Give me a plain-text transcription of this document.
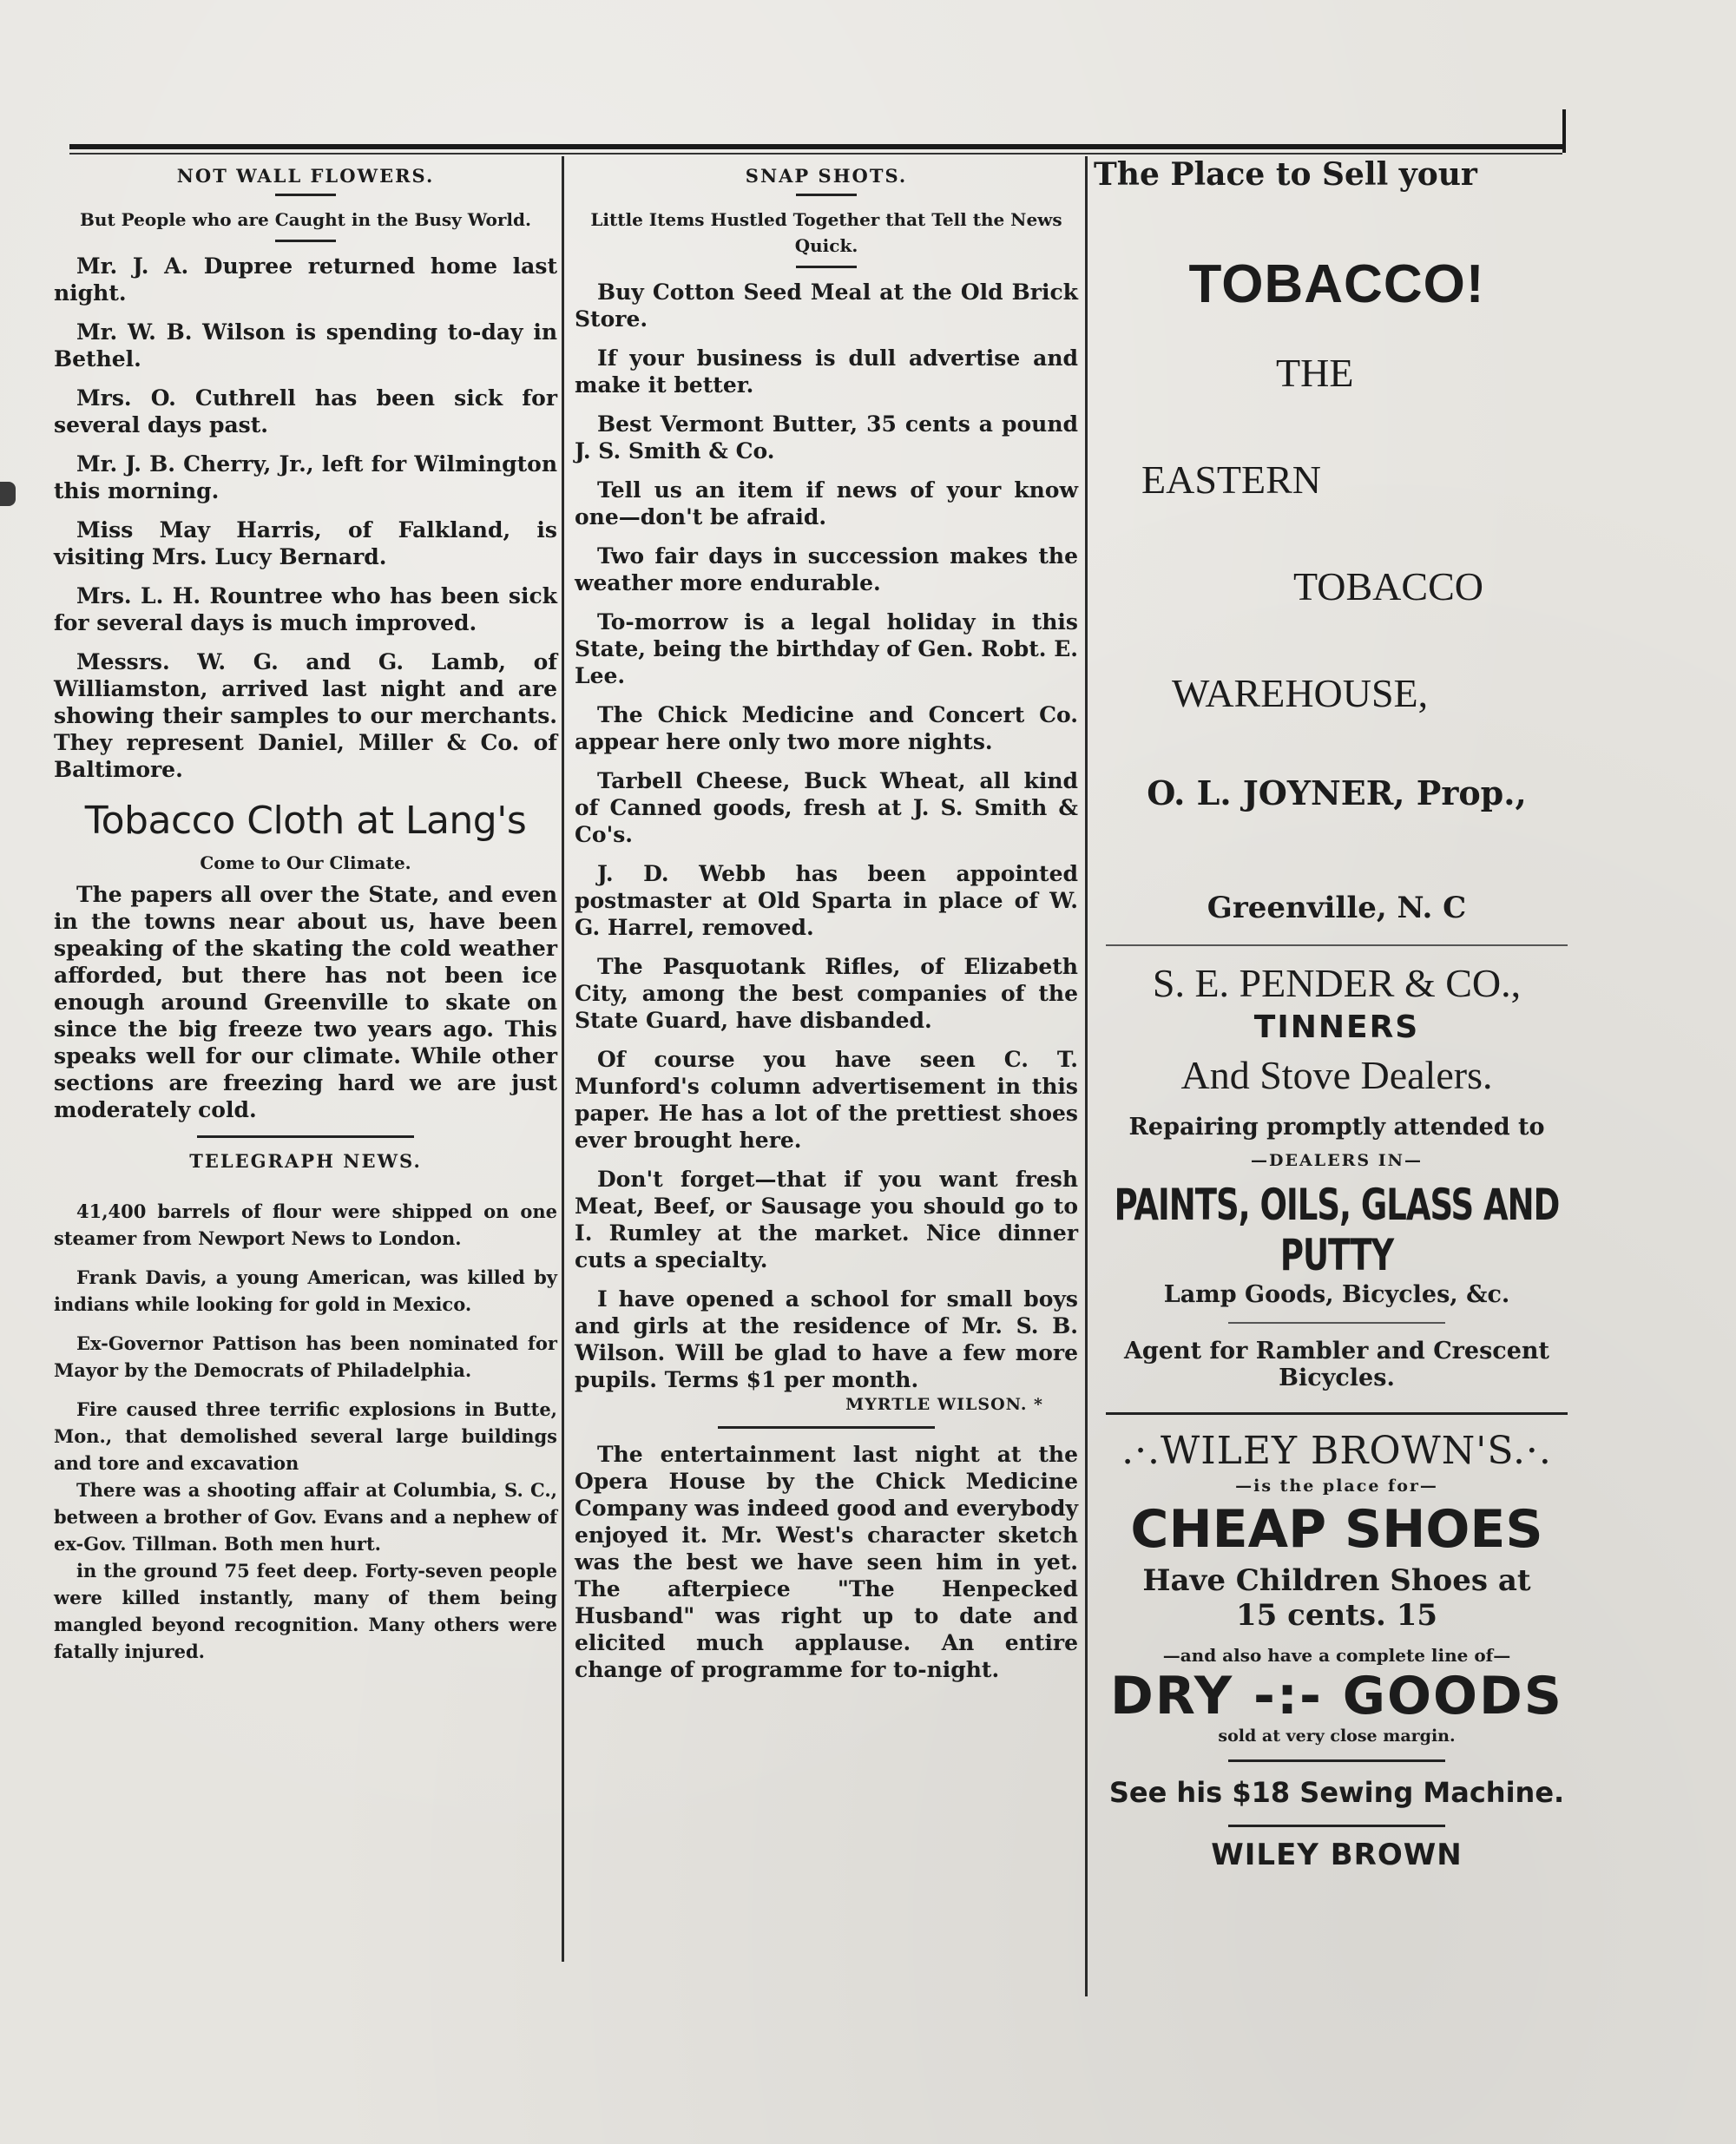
NOT WALL FLOWERS.
But People who are Caught in the Busy World.

Mr. J. A. Dupree returned home last night.

Mr. W. B. Wilson is spending to-day in Bethel.

Mrs. O. Cuthrell has been sick for several days past.

Mr. J. B. Cherry, Jr., left for Wilmington this morning.

Miss May Harris, of Falkland, is visiting Mrs. Lucy Bernard.

Mrs. L. H. Rountree who has been sick for several days is much improved.

Messrs. W. G. and G. Lamb, of Williamston, arrived last night and are showing their samples to our merchants. They represent Daniel, Miller & Co. of Baltimore.

Tobacco Cloth at Lang's
Come to Our Climate.

The papers all over the State, and even in the towns near about us, have been speaking of the skating the cold weather afforded, but there has not been ice enough around Greenville to skate on since the big freeze two years ago. This speaks well for our climate. While other sections are freezing hard we are just moderately cold.

TELEGRAPH NEWS.

41,400 barrels of flour were shipped on one steamer from Newport News to London.

Frank Davis, a young American, was killed by indians while looking for gold in Mexico.

Ex-Governor Pattison has been nominated for Mayor by the Democrats of Philadelphia.

Fire caused three terrific explosions in Butte, Mon., that demolished several large buildings and tore and excavation

There was a shooting affair at Columbia, S. C., between a brother of Gov. Evans and a nephew of ex-Gov. Tillman. Both men hurt.

in the ground 75 feet deep. Forty-seven people were killed instantly, many of them being mangled beyond recognition. Many others were fatally injured.

SNAP SHOTS.
Little Items Hustled Together that Tell the News Quick.

Buy Cotton Seed Meal at the Old Brick Store.

If your business is dull advertise and make it better.

Best Vermont Butter, 35 cents a pound J. S. Smith & Co.

Tell us an item if news of your know one—don't be afraid.

Two fair days in succession makes the weather more endurable.

To-morrow is a legal holiday in this State, being the birthday of Gen. Robt. E. Lee.

The Chick Medicine and Concert Co. appear here only two more nights.

Tarbell Cheese, Buck Wheat, all kind of Canned goods, fresh at J. S. Smith & Co's.

J. D. Webb has been appointed postmaster at Old Sparta in place of W. G. Harrel, removed.

The Pasquotank Rifles, of Elizabeth City, among the best companies of the State Guard, have disbanded.

Of course you have seen C. T. Munford's column advertisement in this paper. He has a lot of the prettiest shoes ever brought here.

Don't forget—that if you want fresh Meat, Beef, or Sausage you should go to I. Rumley at the market. Nice dinner cuts a specialty.

I have opened a school for small boys and girls at the residence of Mr. S. B. Wilson. Will be glad to have a few more pupils. Terms $1 per month.

MYRTLE WILSON. *

The entertainment last night at the Opera House by the Chick Medicine Company was indeed good and everybody enjoyed it. Mr. West's character sketch was the best we have seen him in yet. The afterpiece "The Henpecked Husband" was right up to date and elicited much applause. An entire change of programme for to-night.

The Place to Sell your
TOBACCO!
THE
EASTERN
TOBACCO
WAREHOUSE,
O. L. JOYNER, Prop.,
Greenville, N. C
S. E. PENDER & CO.,
TINNERS
And Stove Dealers.
Repairing promptly attended to
—DEALERS IN—
PAINTS, OILS, GLASS AND PUTTY
Lamp Goods, Bicycles, &c.
Agent for Rambler and Crescent Bicycles.
.·.WILEY BROWN'S.·.
—is the place for—
CHEAP SHOES
Have Children Shoes at
15 cents. 15
—and also have a complete line of—
DRY -:- GOODS
sold at very close margin.
See his $18 Sewing Machine.
WILEY BROWN
